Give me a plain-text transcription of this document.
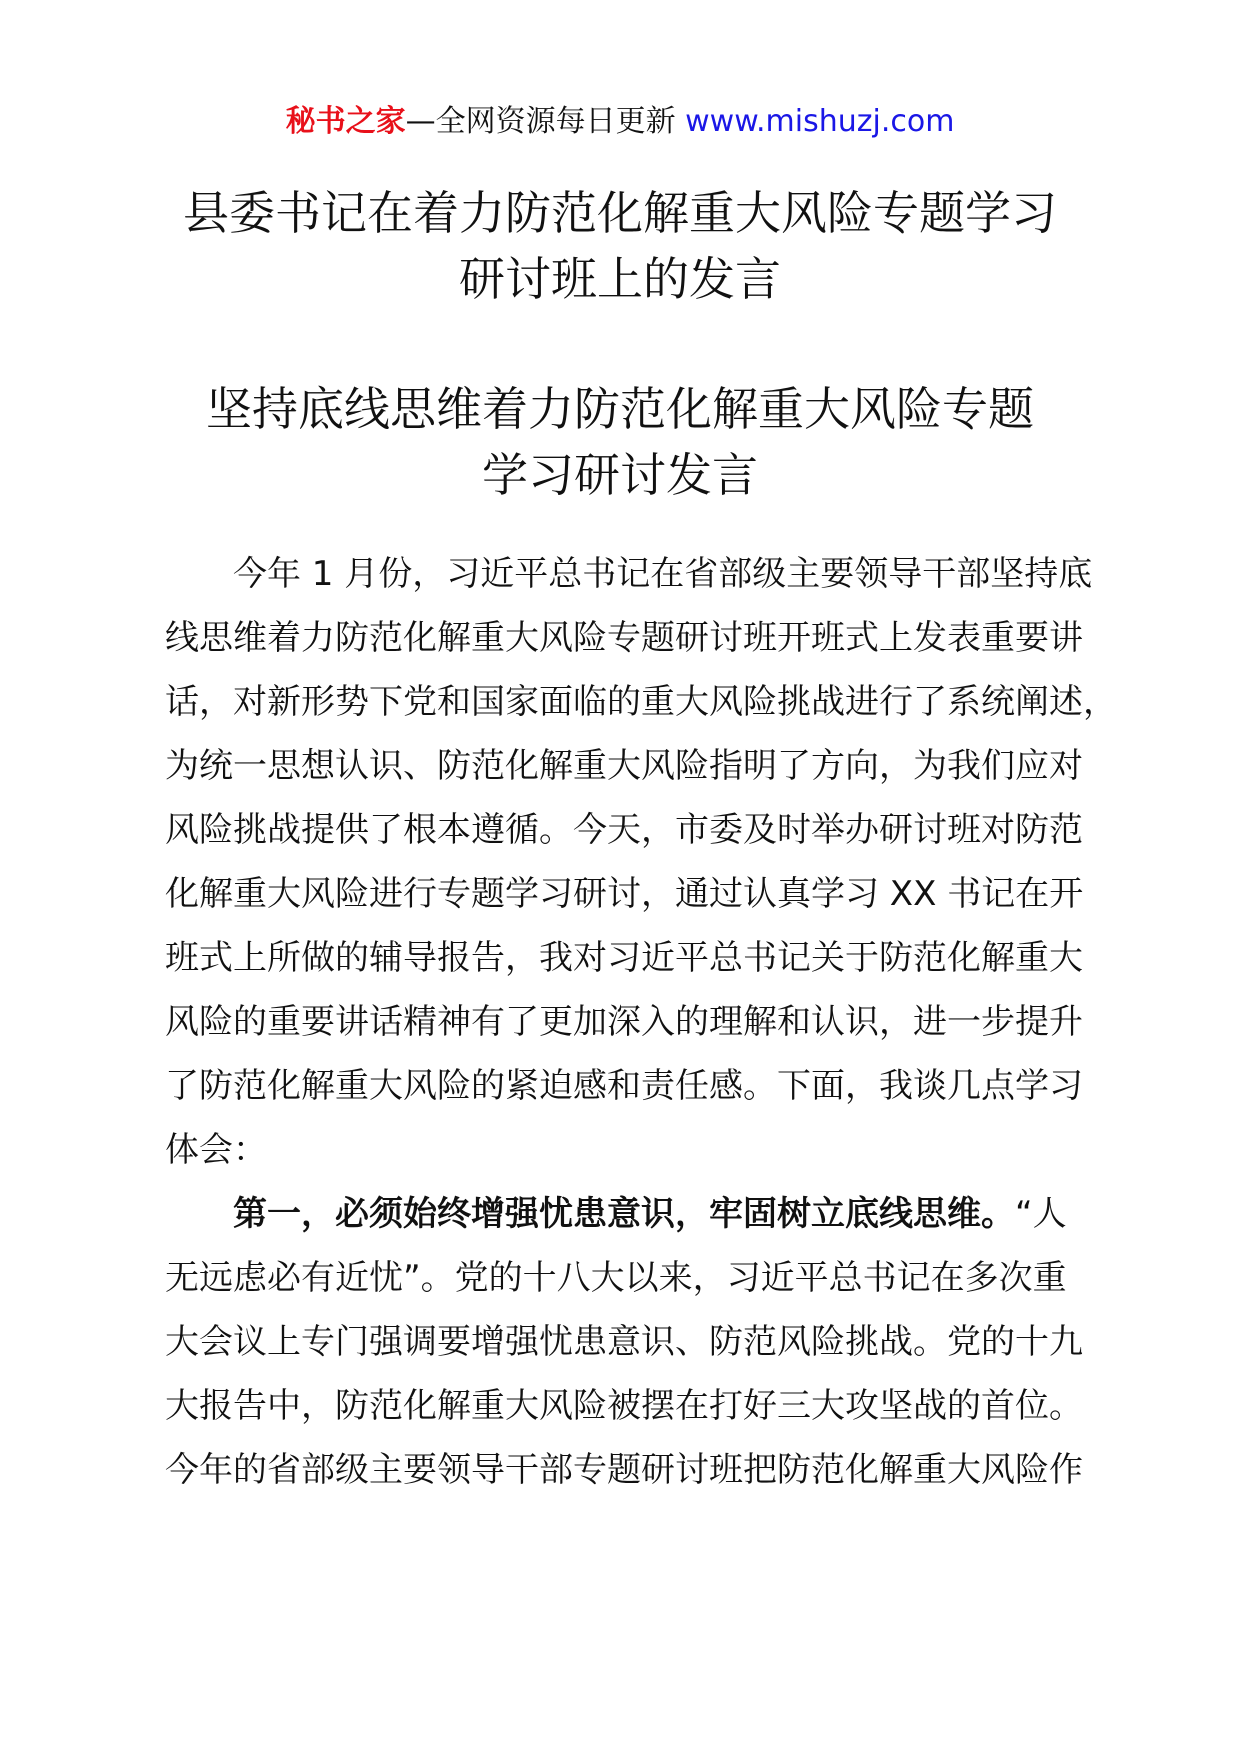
秘书之家—全网资源每日更新 www.mishuzj.com
县委书记在着力防范化解重大风险专题学习
研讨班上的发言
坚持底线思维着力防范化解重大风险专题
学习研讨发言
今年 1 月份，习近平总书记在省部级主要领导干部坚持底
线思维着力防范化解重大风险专题研讨班开班式上发表重要讲
话，对新形势下党和国家面临的重大风险挑战进行了系统阐述，
为统一思想认识、防范化解重大风险指明了方向，为我们应对
风险挑战提供了根本遵循。今天，市委及时举办研讨班对防范
化解重大风险进行专题学习研讨，通过认真学习 XX 书记在开
班式上所做的辅导报告，我对习近平总书记关于防范化解重大
风险的重要讲话精神有了更加深入的理解和认识，进一步提升
了防范化解重大风险的紧迫感和责任感。下面，我谈几点学习
体会：
第一，必须始终增强忧患意识，牢固树立底线思维。“人
无远虑必有近忧”。党的十八大以来，习近平总书记在多次重
大会议上专门强调要增强忧患意识、防范风险挑战。党的十九
大报告中，防范化解重大风险被摆在打好三大攻坚战的首位。
今年的省部级主要领导干部专题研讨班把防范化解重大风险作
